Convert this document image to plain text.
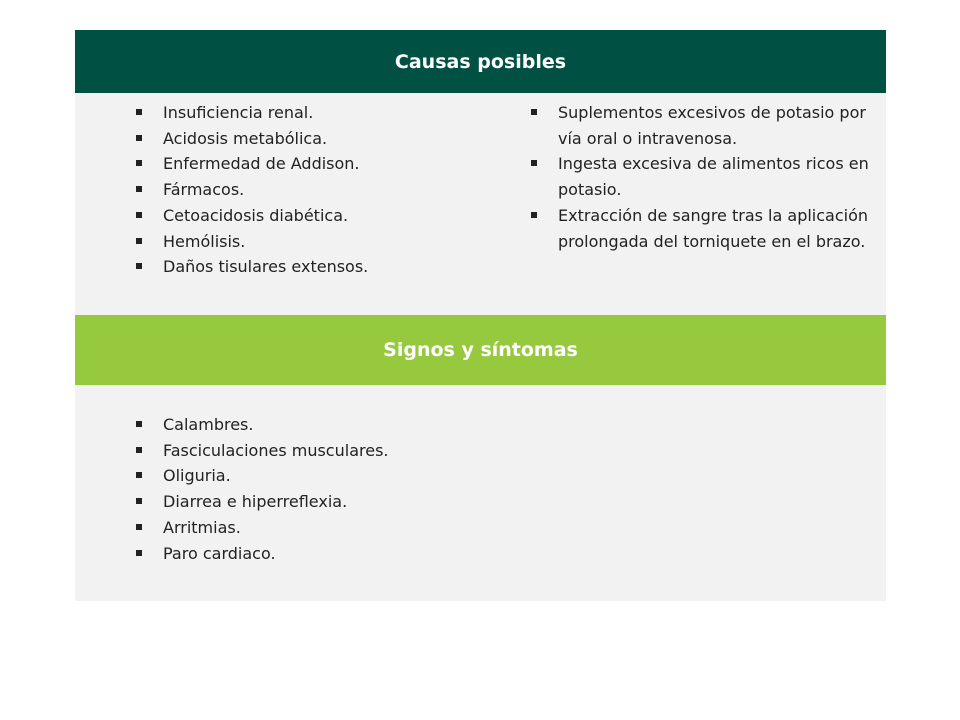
Causas posibles
Insuficiencia renal.
Acidosis metabólica.
Enfermedad de Addison.
Fármacos.
Cetoacidosis diabética.
Hemólisis.
Daños tisulares extensos.
Suplementos excesivos de potasio por vía oral o intravenosa.
Ingesta excesiva de alimentos ricos en potasio.
Extracción de sangre tras la aplicación prolongada del torniquete en el brazo.
Signos y síntomas
Calambres.
Fasciculaciones musculares.
Oliguria.
Diarrea e hiperreflexia.
Arritmias.
Paro cardiaco.
